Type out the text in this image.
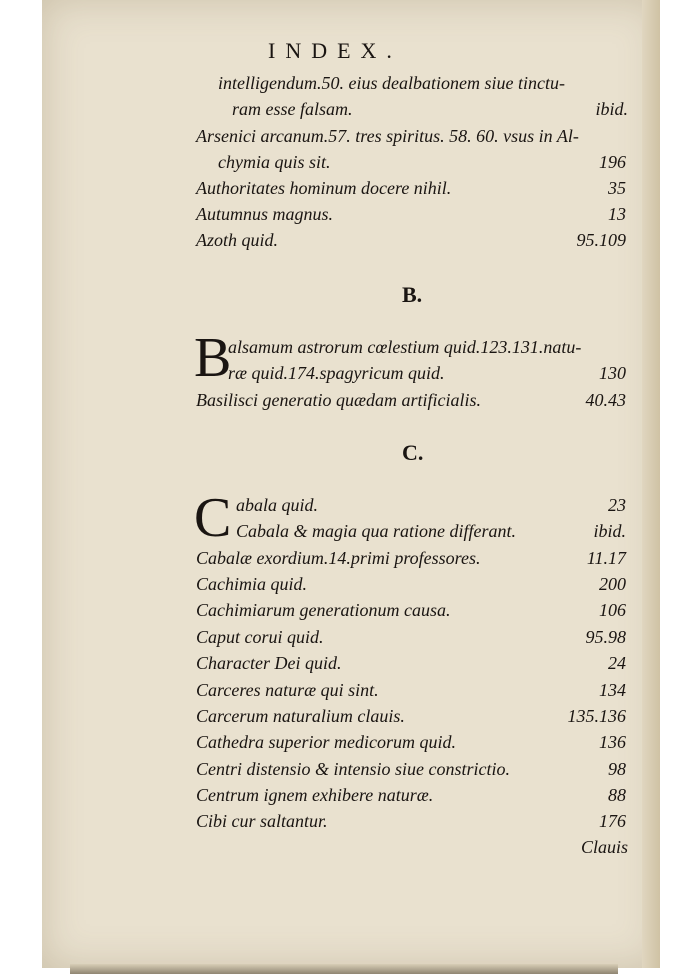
INDEX.
intelligendum.50. eius dealbationem siue tinctu-
ram esse falsam.	ibid.
Arsenici arcanum.57. tres spiritus. 58. 60. vsus in Al-
chymia quis sit.	196
Authoritates hominum docere nihil.	35
Autumnus magnus.	13
Azoth quid.	95.109
B.
B
alsamum astrorum cœlestium quid.123.131.natu-
ræ quid.174.spagyricum quid.	130
Basilisci generatio quædam artificialis.	40.43
C.
C abala quid.	23
Cabala & magia qua ratione differant.	ibid.
Cabalæ exordium.14.primi professores.	11.17
Cachimia quid.	200
Cachimiarum generationum causa.	106
Caput corui quid.	95.98
Character Dei quid.	24
Carceres naturæ qui sint.	134
Carcerum naturalium clauis.	135.136
Cathedra superior medicorum quid.	136
Centri distensio & intensio siue constrictio.	98
Centrum ignem exhibere naturæ.	88
Cibi cur saltantur.	176
Clauis
